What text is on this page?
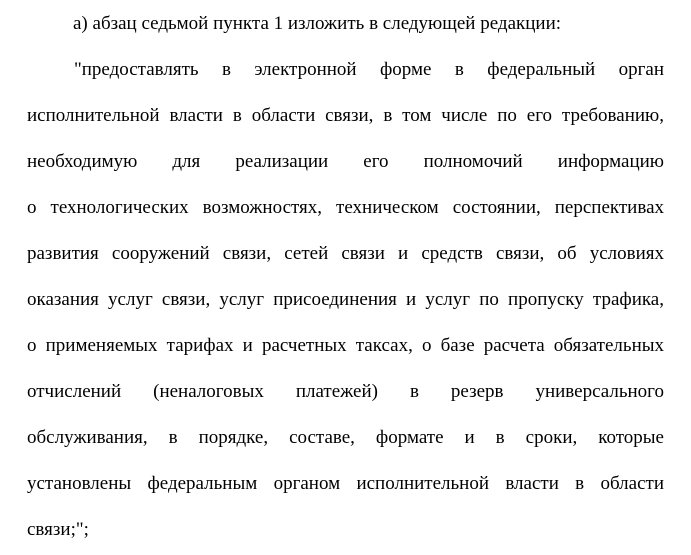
а) абзац седьмой пункта 1 изложить в следующей редакции:

"предоставлять в электронной форме в федеральный орган

исполнительной власти в области связи, в том числе по его требованию,

необходимую для реализации его полномочий информацию

о технологических возможностях, техническом состоянии, перспективах

развития сооружений связи, сетей связи и средств связи, об условиях

оказания услуг связи, услуг присоединения и услуг по пропуску трафика,

о применяемых тарифах и расчетных таксах, о базе расчета обязательных

отчислений (неналоговых платежей) в резерв универсального

обслуживания, в порядке, составе, формате и в сроки, которые

установлены федеральным органом исполнительной власти в области

связи;";
